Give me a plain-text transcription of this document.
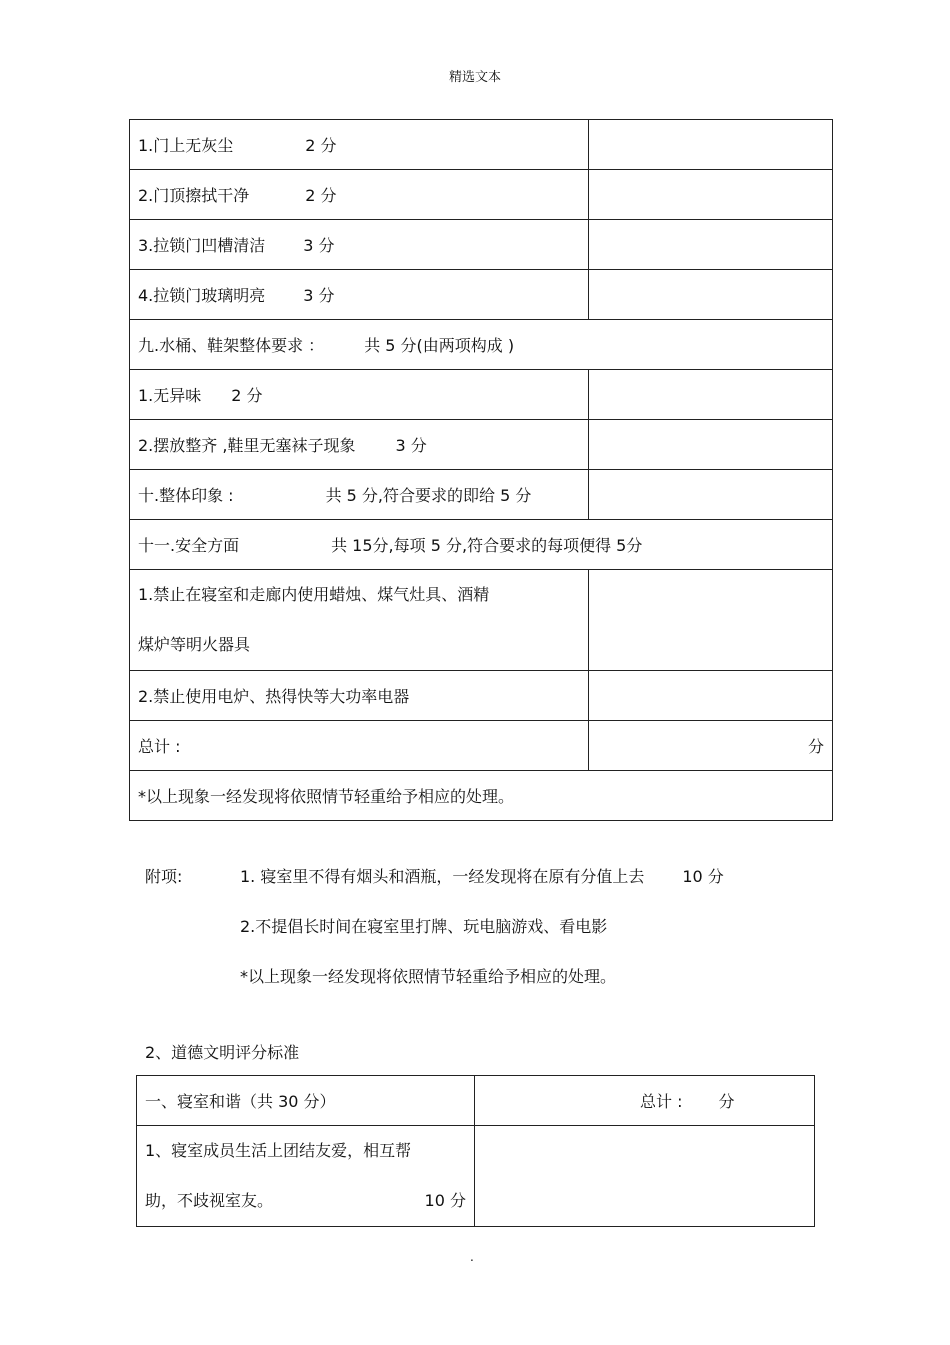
精选文本
1.门上无灰尘 2 分	
2.门顶擦拭干净 2 分	
3.拉锁门凹槽清洁 3 分	
4.拉锁门玻璃明亮 3 分	
九.水桶、鞋架整体要求 ： 共 5 分(由两项构成 )	
1.无异味 2 分	
2.摆放整齐 ,鞋里无塞袜子现象 3 分	
十.整体印象 : 共 5 分,符合要求的即给 5 分	
十一.安全方面 共 15分,每项 5 分,符合要求的每项便得 5分	
1.禁止在寝室和走廊内使用蜡烛、煤气灶具、酒精
煤炉等明火器具	
2.禁止使用电炉、热得快等大功率电器	
总计 :	分
*以上现象一经发现将依照情节轻重给予相应的处理。	
附项:	1. 寝室里不得有烟头和酒瓶，一经发现将在原有分值上去 10 分
2.不提倡长时间在寝室里打牌、玩电脑游戏、看电影
*以上现象一经发现将依照情节轻重给予相应的处理。
2、道德文明评分标准
一、寝室和谐（共 30 分）	总计 : 分
1、寝室成员生活上团结友爱，相互帮
助，不歧视室友。 10 分	

.
